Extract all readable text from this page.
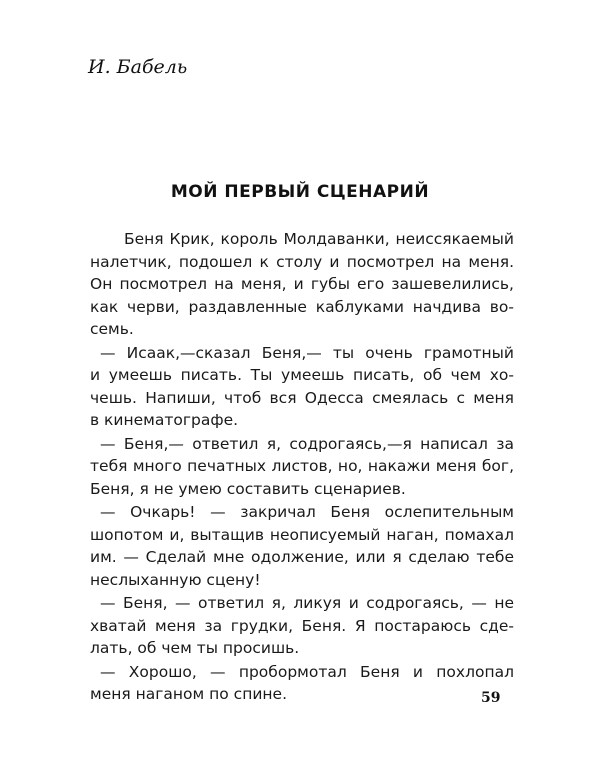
И. Бабель

МОЙ ПЕРВЫЙ СЦЕНАРИЙ
Беня Крик, король Молдаванки, неиссякаемый
налетчик, подошел к столу и посмотрел на меня.
Он посмотрел на меня, и губы его зашевелились,
как черви, раздавленные каблуками начдива во-
семь.
— Исаак,—сказал Беня,— ты очень грамотный
и умеешь писать. Ты умеешь писать, об чем хо-
чешь. Напиши, чтоб вся Одесса смеялась с меня
в кинематографе.
— Беня,— ответил я, содрогаясь,—я написал за
тебя много печатных листов, но, накажи меня бог,
Беня, я не умею составить сценариев.
— Очкарь! — закричал Беня ослепительным
шопотом и, вытащив неописуемый наган, помахал
им. — Сделай мне одолжение, или я сделаю тебе
неслыханную сцену!
— Беня, — ответил я, ликуя и содрогаясь, — не
хватай меня за грудки, Беня. Я постараюсь сде-
лать, об чем ты просишь.
— Хорошо, — пробормотал Беня и похлопал
меня наганом по спине.	59
